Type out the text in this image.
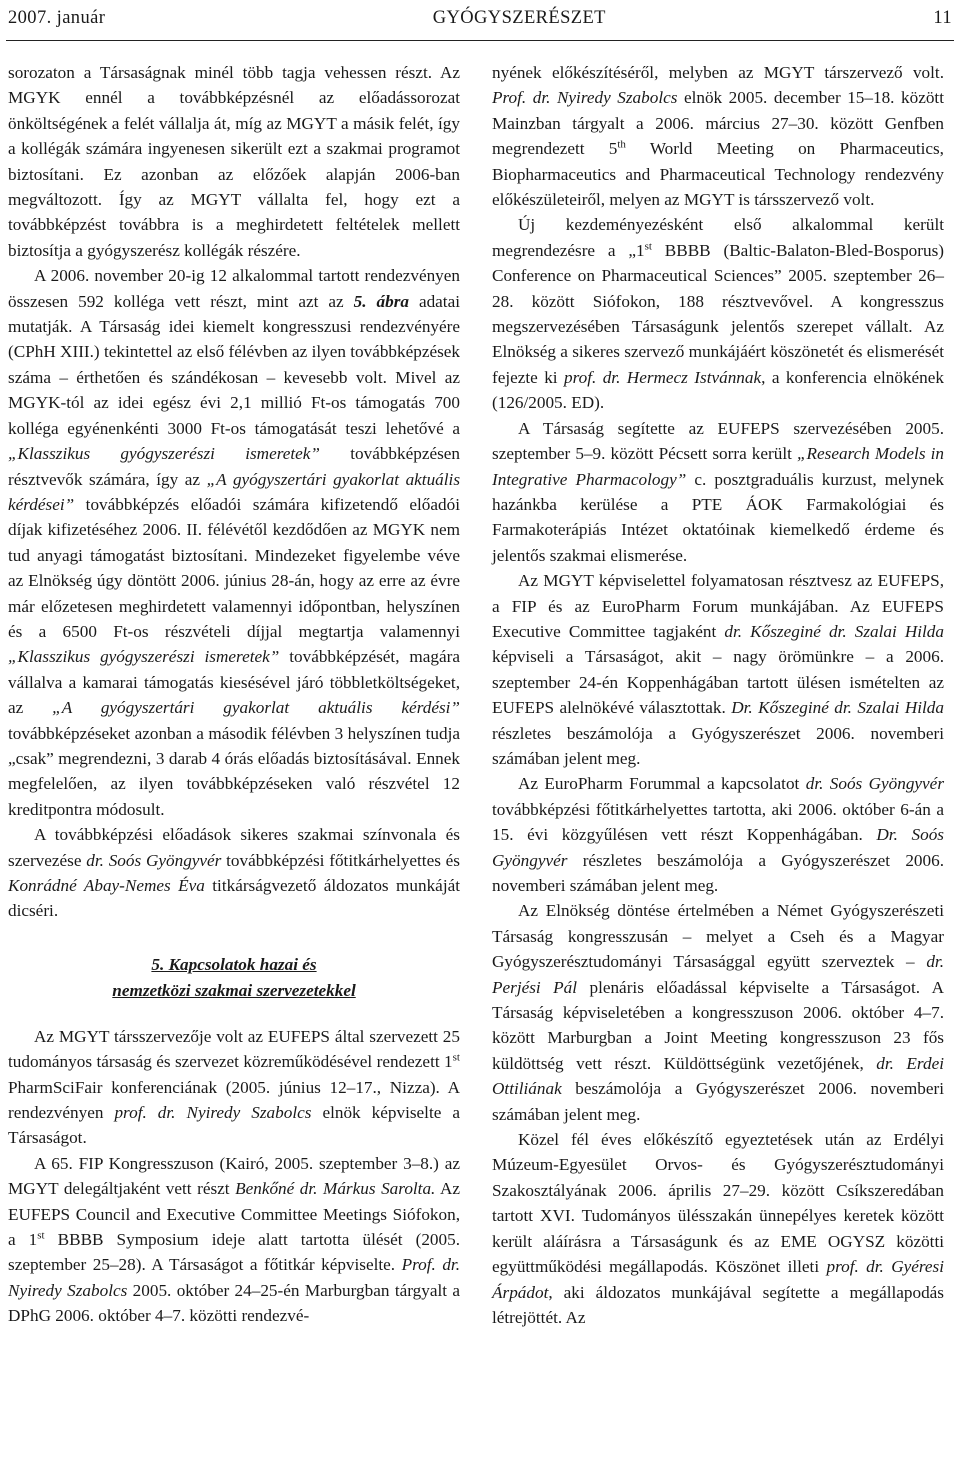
2007. január	GYÓGYSZERÉSZET	11

sorozaton a Társaságnak minél több tagja vehessen részt. Az MGYK ennél a továbbképzésnél az előadássorozat önköltségének a felét vállalja át, míg az MGYT a másik felét, így a kollégák számára ingyenesen sikerült ezt a szakmai programot biztosítani. Ez azonban az előzőek alapján 2006-ban megváltozott. Így az MGYT vállalta fel, hogy ezt a továbbképzést továbbra is a meghirdetett feltételek mellett biztosítja a gyógyszerész kollégák részére.

A 2006. november 20-ig 12 alkalommal tartott rendezvényen összesen 592 kolléga vett részt, mint azt az 5. ábra adatai mutatják. A Társaság idei kiemelt kongresszusi rendezvényére (CPhH XIII.) tekintettel az első félévben az ilyen továbbképzések száma – érthetően és szándékosan – kevesebb volt. Mivel az MGYK-tól az idei egész évi 2,1 millió Ft-os támogatás 700 kolléga egyénenkénti 3000 Ft-os támogatását teszi lehetővé a „Klasszikus gyógyszerészi ismeretek” továbbképzésen résztvevők számára, így az „A gyógyszertári gyakorlat aktuális kérdései” továbbképzés előadói számára kifizetendő előadói díjak kifizetéséhez 2006. II. félévétől kezdődően az MGYK nem tud anyagi támogatást biztosítani. Mindezeket figyelembe véve az Elnökség úgy döntött 2006. június 28-án, hogy az erre az évre már előzetesen meghirdetett valamennyi időpontban, helyszínen és a 6500 Ft-os részvételi díjjal megtartja valamennyi „Klasszikus gyógyszerészi ismeretek” továbbképzését, magára vállalva a kamarai támogatás kiesésével járó többletköltségeket, az „A gyógyszertári gyakorlat aktuális kérdési” továbbképzéseket azonban a második félévben 3 helyszínen tudja „csak” megrendezni, 3 darab 4 órás előadás biztosításával. Ennek megfelelően, az ilyen továbbképzéseken való részvétel 12 kreditpontra módosult.

A továbbképzési előadások sikeres szakmai színvonala és szervezése dr. Soós Gyöngyvér továbbképzési főtitkárhelyettes és Konrádné Abay-Nemes Éva titkárságvezető áldozatos munkáját dicséri.

5. Kapcsolatok hazai és
nemzetközi szakmai szervezetekkel

Az MGYT társszervezője volt az EUFEPS által szervezett 25 tudományos társaság és szervezet közreműködésével rendezett 1st PharmSciFair konferenciának (2005. június 12–17., Nizza). A rendezvényen prof. dr. Nyiredy Szabolcs elnök képviselte a Társaságot.

A 65. FIP Kongresszuson (Kairó, 2005. szeptember 3–8.) az MGYT delegáltjaként vett részt Benkőné dr. Márkus Sarolta. Az EUFEPS Council and Executive Committee Meetings Siófokon, a 1st BBBB Symposium ideje alatt tartotta ülését (2005. szeptember 25–28). A Társaságot a főtitkár képviselte. Prof. dr. Nyiredy Szabolcs 2005. október 24–25-én Marburgban tárgyalt a DPhG 2006. október 4–7. közötti rendezvé-

nyének előkészítéséről, melyben az MGYT társzervező volt. Prof. dr. Nyiredy Szabolcs elnök 2005. december 15–18. között Mainzban tárgyalt a 2006. március 27–30. között Genfben megrendezett 5th World Meeting on Pharmaceutics, Biopharmaceutics and Pharmaceutical Technology rendezvény előkészületeiről, melyen az MGYT is társszervező volt.

Új kezdeményezésként első alkalommal került megrendezésre a „1st BBBB (Baltic-Balaton-Bled-Bosporus) Conference on Pharmaceutical Sciences” 2005. szeptember 26–28. között Siófokon, 188 résztvevővel. A kongresszus megszervezésében Társaságunk jelentős szerepet vállalt. Az Elnökség a sikeres szervező munkájáért köszönetét és elismerését fejezte ki prof. dr. Hermecz Istvánnak, a konferencia elnökének (126/2005. ED).

A Társaság segítette az EUFEPS szervezésében 2005. szeptember 5–9. között Pécsett sorra került „Research Models in Integrative Pharmacology” c. posztgraduális kurzust, melynek hazánkba kerülése a PTE ÁOK Farmakológiai és Farmakoterápiás Intézet oktatóinak kiemelkedő érdeme és jelentős szakmai elismerése.

Az MGYT képviselettel folyamatosan résztvesz az EUFEPS, a FIP és az EuroPharm Forum munkájában. Az EUFEPS Executive Committee tagjaként dr. Kőszeginé dr. Szalai Hilda képviseli a Társaságot, akit – nagy örömünkre – a 2006. szeptember 24-én Koppenhágában tartott ülésen ismételten az EUFEPS alelnökévé választottak. Dr. Kőszeginé dr. Szalai Hilda részletes beszámolója a Gyógyszerészet 2006. novemberi számában jelent meg.

Az EuroPharm Forummal a kapcsolatot dr. Soós Gyöngyvér továbbképzési főtitkárhelyettes tartotta, aki 2006. október 6-án a 15. évi közgyűlésen vett részt Koppenhágában. Dr. Soós Gyöngyvér részletes beszámolója a Gyógyszerészet 2006. novemberi számában jelent meg.

Az Elnökség döntése értelmében a Német Gyógyszerészeti Társaság kongresszusán – melyet a Cseh és a Magyar Gyógyszerésztudományi Társasággal együtt szerveztek – dr. Perjési Pál plenáris előadással képviselte a Társaságot. A Társaság képviseletében a kongresszuson 2006. október 4–7. között Marburgban a Joint Meeting kongresszuson 23 fős küldöttség vett részt. Küldöttségünk vezetőjének, dr. Erdei Ottiliának beszámolója a Gyógyszerészet 2006. novemberi számában jelent meg.

Közel fél éves előkészítő egyeztetések után az Erdélyi Múzeum-Egyesület Orvos- és Gyógyszerésztudományi Szakosztályának 2006. április 27–29. között Csíkszeredában tartott XVI. Tudományos ülésszakán ünnepélyes keretek között került aláírásra a Társaságunk és az EME OGYSZ közötti együttműködési megállapodás. Köszönet illeti prof. dr. Gyéresi Árpádot, aki áldozatos munkájával segítette a megállapodás létrejöttét. Az
